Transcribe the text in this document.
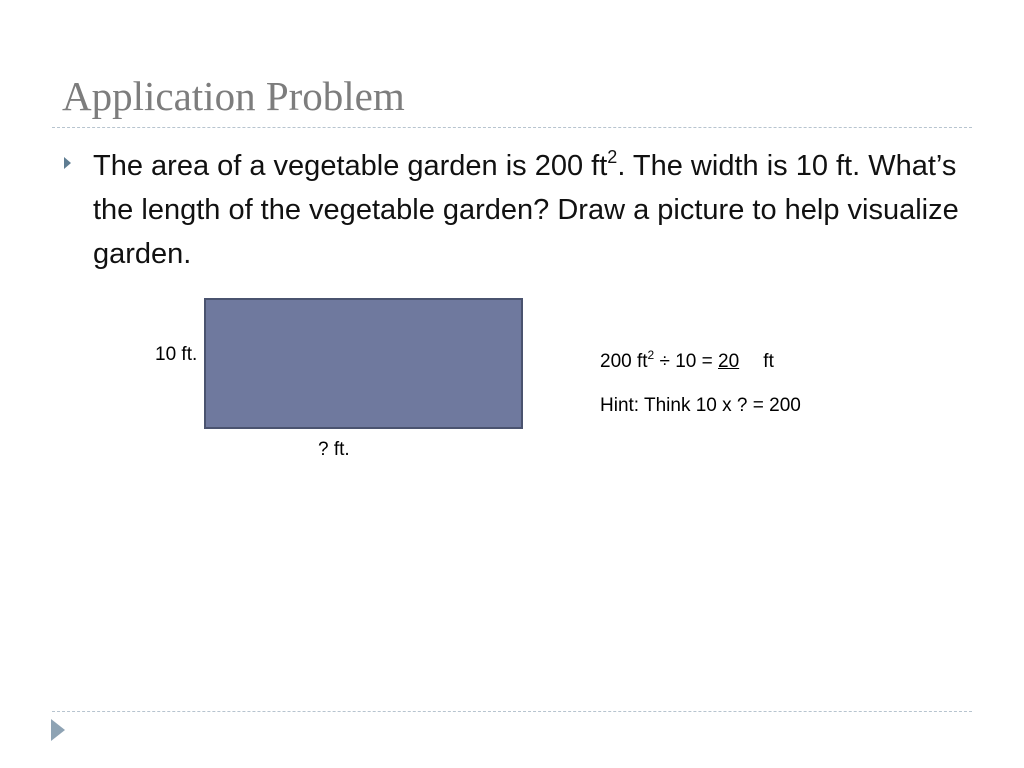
Application Problem

The area of a vegetable garden is 200 $ft^2$. The width is 10 ft. What’s the length of the vegetable garden? Draw a picture to help visualize garden.

10 ft.

? ft.

200 $ft^2 \div 10 = 20$ ft

Hint: Think 10 x ? = 200
